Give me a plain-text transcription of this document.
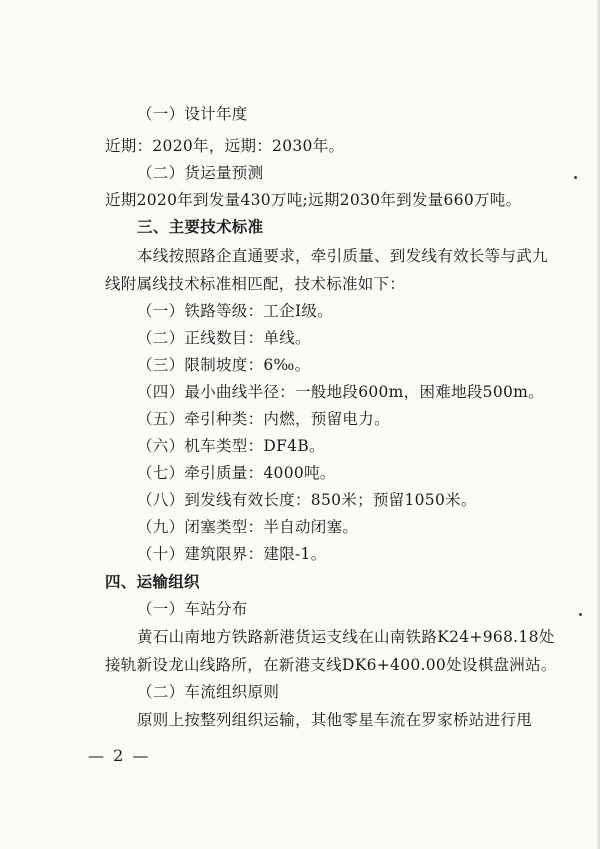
（一）设计年度
近期：2020年，远期：2030年。
（二）货运量预测
近期2020年到发量430万吨;远期2030年到发量660万吨。
三、主要技术标准
本线按照路企直通要求，牵引质量、到发线有效长等与武九
线附属线技术标准相匹配，技术标准如下：
（一）铁路等级：工企Ⅰ级。
（二）正线数目：单线。
（三）限制坡度：6‰。
（四）最小曲线半径：一般地段600m，困难地段500m。
（五）牵引种类：内燃，预留电力。
（六）机车类型：DF4B。
（七）牵引质量：4000吨。
（八）到发线有效长度：850米；预留1050米。
（九）闭塞类型：半自动闭塞。
（十）建筑限界：建限-1。
四、运输组织
（一）车站分布
黄石山南地方铁路新港货运支线在山南铁路K24+968.18处
接轨新设龙山线路所，在新港支线DK6+400.00处设棋盘洲站。
（二）车流组织原则
原则上按整列组织运输，其他零星车流在罗家桥站进行甩
— 2 —
